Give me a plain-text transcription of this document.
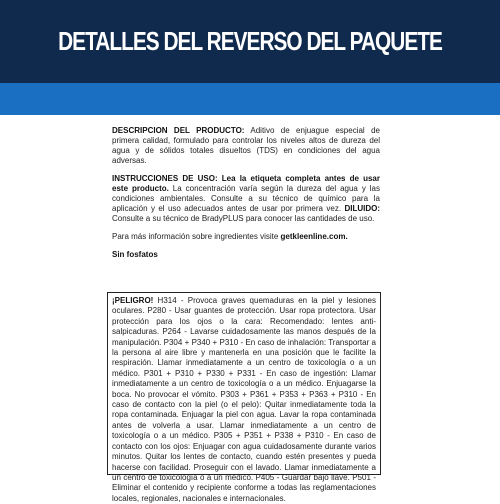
DETALLES DEL REVERSO DEL PAQUETE

DESCRIPCION DEL PRODUCTO: Aditivo de enjuague especial de primera calidad, formulado para controlar los niveles altos de dureza del agua y de sólidos totales disueltos (TDS) en condiciones del agua adversas.

INSTRUCCIONES DE USO: Lea la etiqueta completa antes de usar este producto. La concentración varía según la dureza del agua y las condiciones ambientales. Consulte a su técnico de químico para la aplicación y el uso adecuados antes de usar por primera vez. DILUIDO: Consulte a su técnico de BradyPLUS para conocer las cantidades de uso.

Para más información sobre ingredientes visite getkleenline.com.

Sin fosfatos

¡PELIGRO! H314 - Provoca graves quemaduras en la piel y lesiones oculares. P280 - Usar guantes de protección. Usar ropa protectora. Usar protección para los ojos o la cara: Recomendado: lentes anti-salpicaduras. P264 - Lavarse cuidadosamente las manos después de la manipulación. P304 + P340 + P310 - En caso de inhalación: Transportar a la persona al aire libre y mantenerla en una posición que le facilite la respiración. Llamar inmediatamente a un centro de toxicología o a un médico. P301 + P310 + P330 + P331 - En caso de ingestión: Llamar inmediatamente a un centro de toxicología o a un médico. Enjuagarse la boca. No provocar el vómito. P303 + P361 + P353 + P363 + P310 - En caso de contacto con la piel (o el pelo): Quitar inmediatamente toda la ropa contaminada. Enjuagar la piel con agua. Lavar la ropa contaminada antes de volverla a usar. Llamar inmediatamente a un centro de toxicología o a un médico. P305 + P351 + P338 + P310 - En caso de contacto con los ojos: Enjuagar con agua cuidadosamente durante varios minutos. Quitar los lentes de contacto, cuando estén presentes y pueda hacerse con facilidad. Proseguir con el lavado. Llamar inmediatamente a un centro de toxicología o a un médico. P405 - Guardar bajo llave. P501 - Eliminar el contenido y recipiente conforme a todas las reglamentaciones locales, regionales, nacionales e internacionales.
